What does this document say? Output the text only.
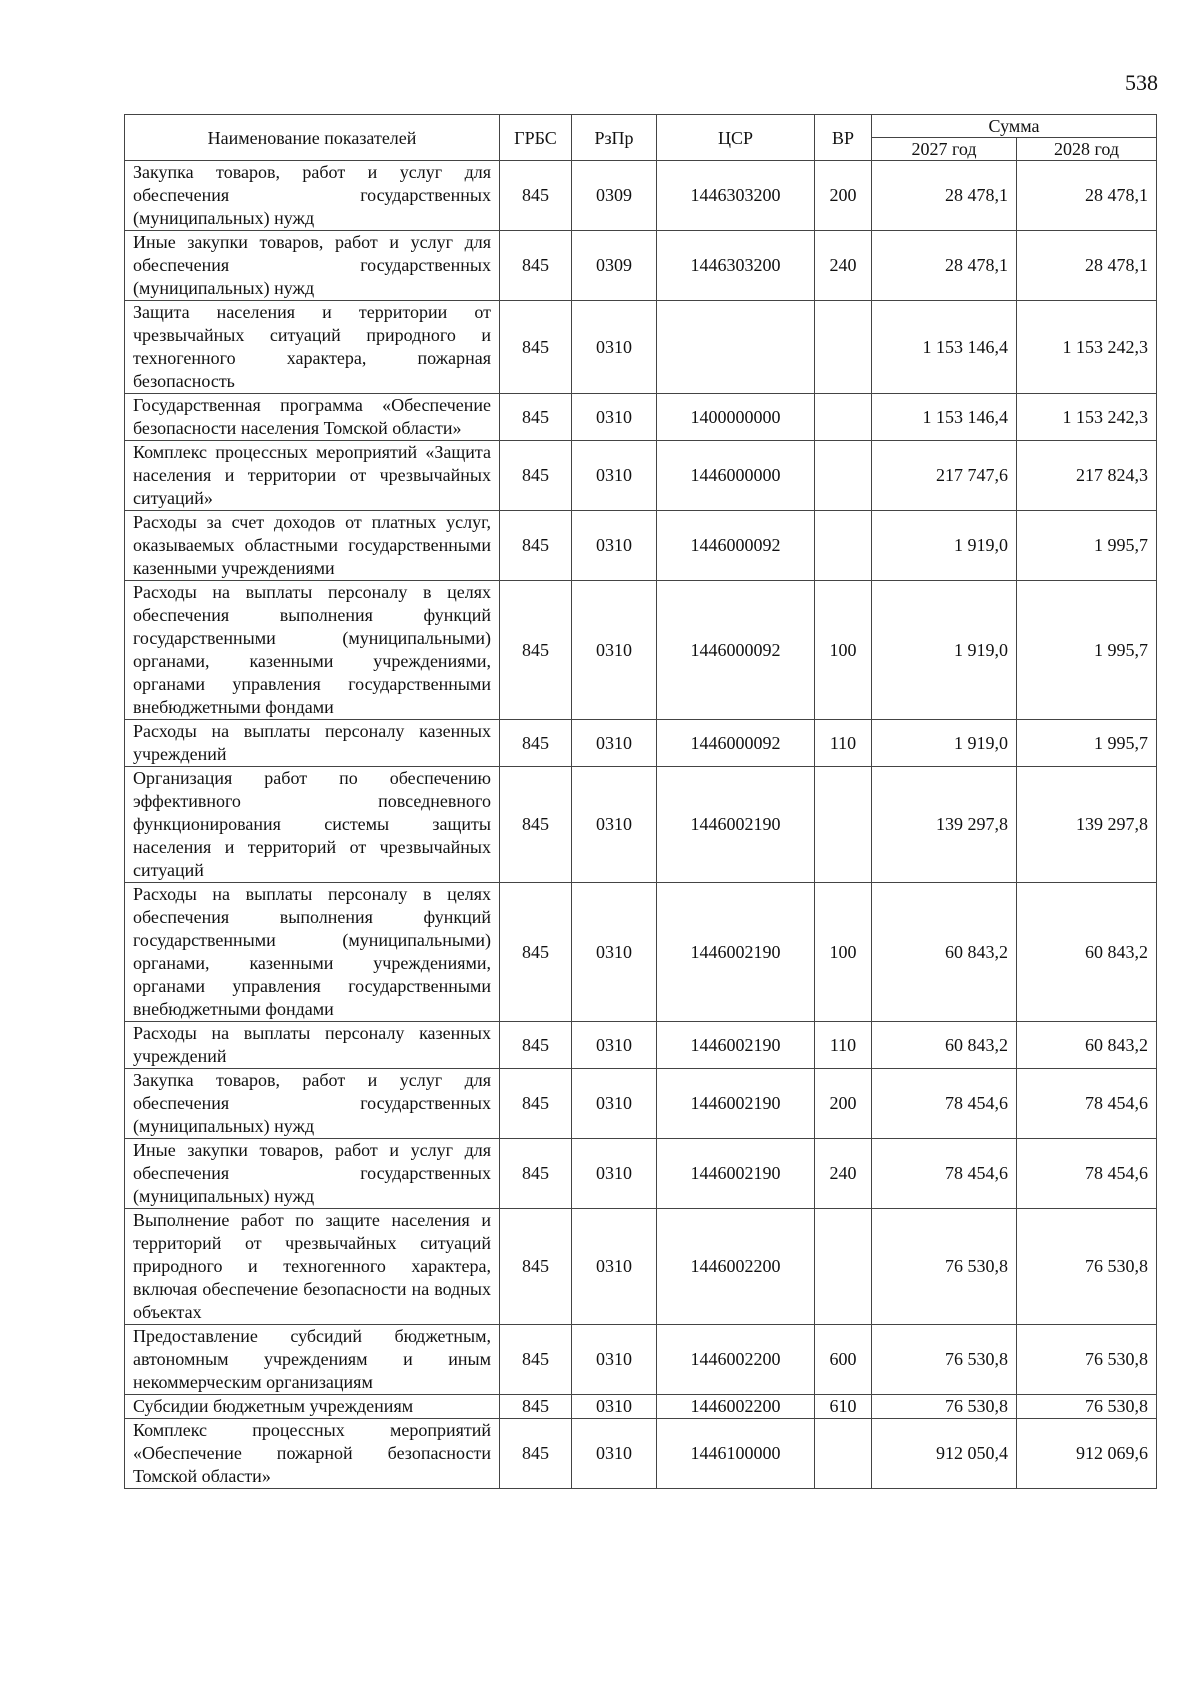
538
Наименование показателей	ГРБС	РзПр	ЦСР	ВР	Сумма	
					2027 год	2028 год
Закупка товаров, работ и услуг для обеспечения государственных (муниципальных) нужд	845	0309	1446303200	200	28 478,1	28 478,1
Иные закупки товаров, работ и услуг для обеспечения государственных (муниципальных) нужд	845	0309	1446303200	240	28 478,1	28 478,1
Защита населения и территории от чрезвычайных ситуаций природного и техногенного характера, пожарная безопасность	845	0310			1 153 146,4	1 153 242,3
Государственная программа «Обеспечение безопасности населения Томской области»	845	0310	1400000000		1 153 146,4	1 153 242,3
Комплекс процессных мероприятий «Защита населения и территории от чрезвычайных ситуаций»	845	0310	1446000000		217 747,6	217 824,3
Расходы за счет доходов от платных услуг, оказываемых областными государственными казенными учреждениями	845	0310	1446000092		1 919,0	1 995,7
Расходы на выплаты персоналу в целях обеспечения выполнения функций государственными (муниципальными) органами, казенными учреждениями, органами управления государственными внебюджетными фондами	845	0310	1446000092	100	1 919,0	1 995,7
Расходы на выплаты персоналу казенных учреждений	845	0310	1446000092	110	1 919,0	1 995,7
Организация работ по обеспечению эффективного повседневного функционирования системы защиты населения и территорий от чрезвычайных ситуаций	845	0310	1446002190		139 297,8	139 297,8
Расходы на выплаты персоналу в целях обеспечения выполнения функций государственными (муниципальными) органами, казенными учреждениями, органами управления государственными внебюджетными фондами	845	0310	1446002190	100	60 843,2	60 843,2
Расходы на выплаты персоналу казенных учреждений	845	0310	1446002190	110	60 843,2	60 843,2
Закупка товаров, работ и услуг для обеспечения государственных (муниципальных) нужд	845	0310	1446002190	200	78 454,6	78 454,6
Иные закупки товаров, работ и услуг для обеспечения государственных (муниципальных) нужд	845	0310	1446002190	240	78 454,6	78 454,6
Выполнение работ по защите населения и территорий от чрезвычайных ситуаций природного и техногенного характера, включая обеспечение безопасности на водных объектах	845	0310	1446002200		76 530,8	76 530,8
Предоставление субсидий бюджетным, автономным учреждениям и иным некоммерческим организациям	845	0310	1446002200	600	76 530,8	76 530,8
Субсидии бюджетным учреждениям	845	0310	1446002200	610	76 530,8	76 530,8
Комплекс процессных мероприятий «Обеспечение пожарной безопасности Томской области»	845	0310	1446100000		912 050,4	912 069,6
